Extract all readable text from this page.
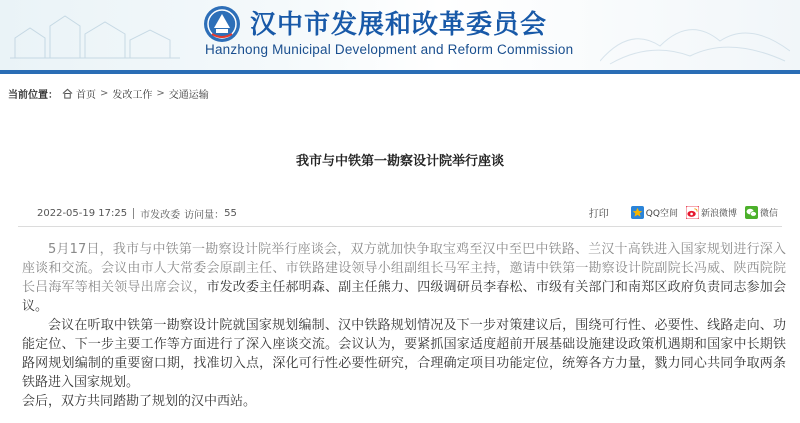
汉中市发展和改革委员会
Hanzhong Municipal Development and Reform Commission
当前位置： 首页 > 发改工作 > 交通运输
我市与中铁第一勘察设计院举行座谈
2022-05-19 17:25 市发改委 访问量： 55	打印	QQ空间	新浪微博	微信

5月17日，我市与中铁第一勘察设计院举行座谈会，双方就加快争取宝鸡至汉中至巴中铁路、兰汉十高铁进入国家规划进行深入座谈和交流。会议由市人大常委会原副主任、市铁路建设领导小组副组长马军主持，邀请中铁第一勘察设计院副院长冯威、陕西院院长吕海军等相关领导出席会议，市发改委主任郝明森、副主任熊力、四级调研员李春松、市级有关部门和南郑区政府负责同志参加会议。

会议在听取中铁第一勘察设计院就国家规划编制、汉中铁路规划情况及下一步对策建议后，围绕可行性、必要性、线路走向、功能定位、下一步主要工作等方面进行了深入座谈交流。会议认为，要紧抓国家适度超前开展基础设施建设政策机遇期和国家中长期铁路网规划编制的重要窗口期，找准切入点，深化可行性必要性研究，合理确定项目功能定位，统筹各方力量，戮力同心共同争取两条铁路进入国家规划。

会后，双方共同踏勘了规划的汉中西站。
